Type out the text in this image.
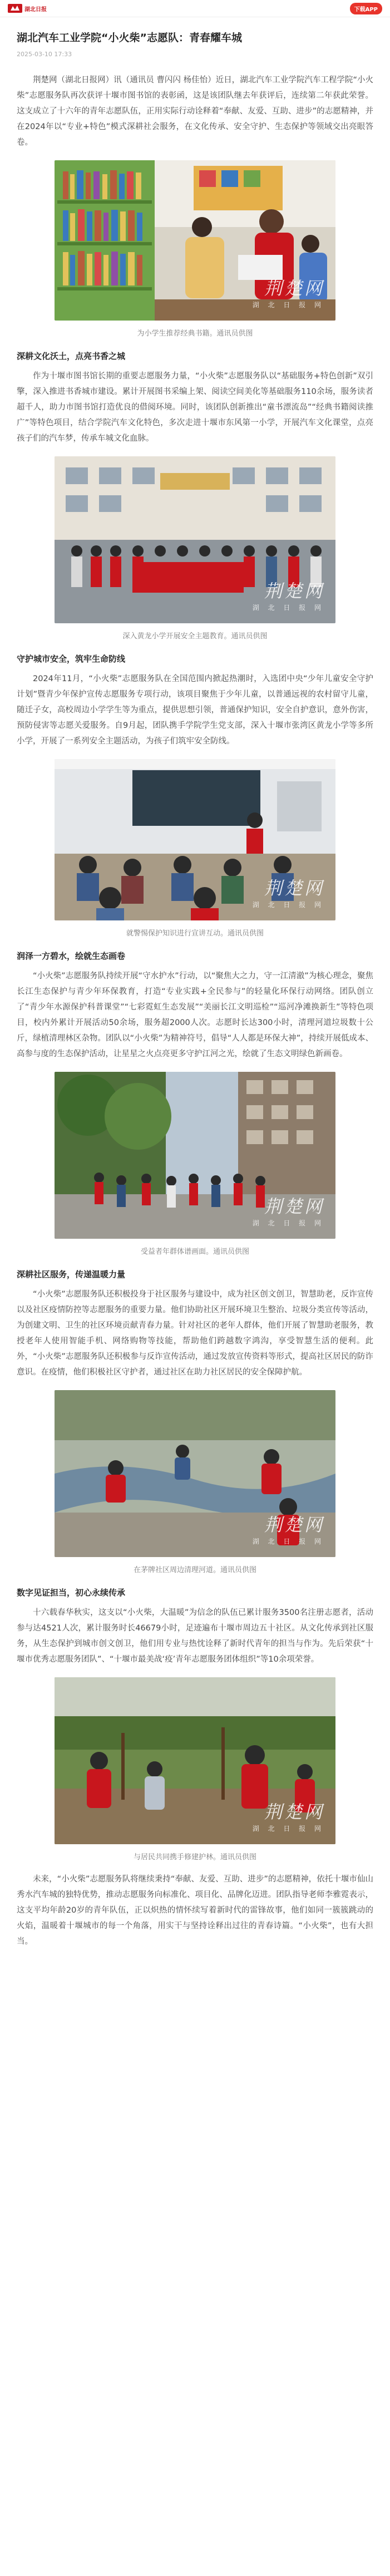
湖北日报	下载APP
湖北汽车工业学院“小火柴”志愿队：青春耀车城
2025-03-10 17:33

荆楚网（湖北日报网）讯（通讯员 曹闪闪 杨佳怡）近日，湖北汽车工业学院汽车工程学院“小火柴”志愿服务队再次获评十堰市图书馆的表彰函，这是该团队继去年获评后，连续第二年获此荣誉。这支成立了十六年的青年志愿队伍，正用实际行动诠释着“奉献、友爱、互助、进步”的志愿精神，并在2024年以“专业+特色”模式深耕社会服务，在文化传承、安全守护、生态保护等领域交出亮眼答卷。

荆楚网
湖 北 日 报 网
为小学生推荐经典书籍。通讯员供图
深耕文化沃土，点亮书香之城

作为十堰市图书馆长期的重要志愿服务力量，“小火柴”志愿服务队以“基础服务+特色创新”双引擎，深入推进书香城市建设。累计开展图书采编上架、阅读空间美化等基础服务110余场，服务读者超千人，助力市图书馆打造优良的借阅环境。同时，该团队创新推出“童书漂流岛”“经典书籍阅读推广”等特色项目，结合学院汽车文化特色，多次走进十堰市东风第一小学，开展汽车文化课堂，点亮孩子们的汽车梦，传承车城文化血脉。

荆楚网
湖 北 日 报 网
深入黄龙小学开展安全主题教育。通讯员供图
守护城市安全，筑牢生命防线

2024年11月，“小火柴”志愿服务队在全国范围内掀起热潮时，入选团中央“少年儿童安全守护计划”暨青少年保护宣传志愿服务专项行动，该项目聚焦于少年儿童，以普通远视的农村留守儿童，随迁子女，高校周边小学学生等为重点，提供思想引领，普通保护知识，安全自护意识，意外伤害，预防侵害等志愿关爱服务。自9月起，团队携手学院学生党支部，深入十堰市张湾区黄龙小学等多所小学，开展了一系列安全主题活动，为孩子们筑牢安全防线。

荆楚网
湖 北 日 报 网
就警惕保护知识进行宣讲互动。通讯员供图
润泽一方碧水，绘就生态画卷

“小火柴”志愿服务队持续开展“守水护水”行动，以“聚焦大之力，守一江清澈”为核心理念，聚焦长江生态保护与青少年环保教育，打造“专业实践+全民参与”的轻量化环保行动网络。团队创立了“青少年水源保护科普课堂”“七彩霓虹生态发展”“美丽长江文明巡检”“巡河净滩换新生”等特色项目，校内外累计开展活动50余场，服务超2000人次。志愿时长达300小时，清理河道垃圾数十公斤，绿植清理林区杂物。团队以“小火柴”为精神符号，倡导“人人都是环保大神”，持续开展低成本、高参与度的生态保护活动，让星星之火点亮更多守护江河之光，绘就了生态文明绿色新画卷。

荆楚网
湖 北 日 报 网
受益者年群体谱画面。通讯员供图
深耕社区服务，传递温暖力量

“小火柴”志愿服务队还积极投身于社区服务与建设中，成为社区创文创卫，智慧助老，反诈宣传以及社区疫情防控等志愿服务的重要力量。他们协助社区开展环境卫生整治、垃圾分类宣传等活动，为创建文明、卫生的社区环境贡献青春力量。针对社区的老年人群体，他们开展了智慧助老服务，教授老年人使用智能手机、网络购物等技能，帮助他们跨越数字鸿沟，享受智慧生活的便利。此外，“小火柴”志愿服务队还积极参与反诈宣传活动，通过发放宣传资料等形式，提高社区居民的防诈意识。在疫情，他们积极社区守护者，通过社区在助力社区居民的安全保障护航。

荆楚网
湖 北 日 报 网
在茅牌社区周边清理河道。通讯员供图
数字见证担当，初心永续传承

十六载春华秋实，这支以“小火柴，大温暖”为信念的队伍已累计服务3500名注册志愿者，活动参与达4521人次，累计服务时长46679小时，足迹遍布十堰市周边五十社区。从文化传承到社区服务，从生态保护到城市创文创卫，他们用专业与热忱诠释了新时代青年的担当与作为。先后荣获“十堰市优秀志愿服务团队”、“十堰市最美战‘疫’青年志愿服务团体组织”等10余项荣誉。

荆楚网
湖 北 日 报 网
与居民共同携手修建护林。通讯员供图

未来，“小火柴”志愿服务队将继续秉持“奉献、友爱、互助、进步”的志愿精神，依托十堰市仙山秀水汽车城的独特优势，推动志愿服务向标准化、项目化、品牌化迈进。团队指导老师李雅霓表示，这支平均年龄20岁的青年队伍，正以炽热的情怀续写着新时代的雷锋故事，他们如同一簇簇跳动的火焰，温暖着十堰城市的每一个角落，用实干与坚持诠释出过往的青春诗篇。“小火柴”，也有大担当。
